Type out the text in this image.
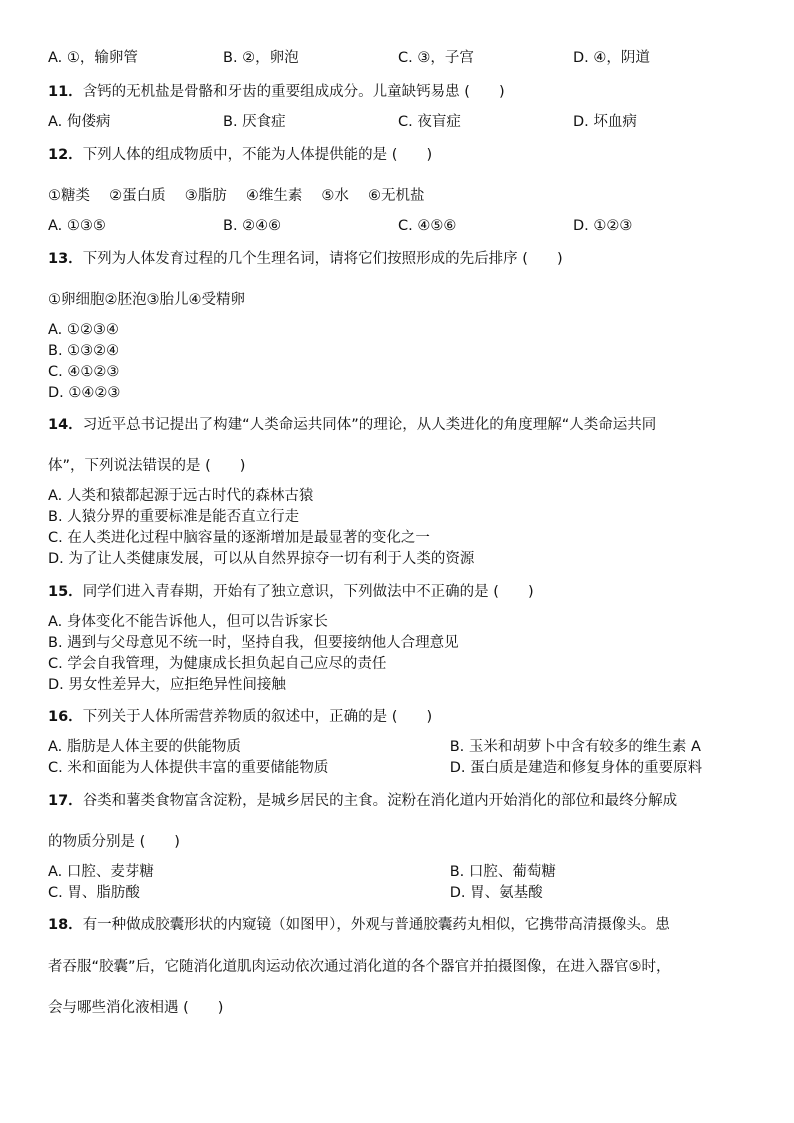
A. ①，输卵管	B. ②，卵泡	C. ③，子宫	D. ④，阴道
11．含钙的无机盐是骨骼和牙齿的重要组成成分。儿童缺钙易患 (　　)
A. 佝偻病	B. 厌食症	C. 夜盲症	D. 坏血病
12．下列人体的组成物质中，不能为人体提供能的是 (　　)
①糖类　 ②蛋白质　 ③脂肪　 ④维生素　 ⑤水　 ⑥无机盐
A. ①③⑤	B. ②④⑥	C. ④⑤⑥	D. ①②③
13．下列为人体发育过程的几个生理名词，请将它们按照形成的先后排序 (　　)
①卵细胞②胚泡③胎儿④受精卵
A. ①②③④
B. ①③②④
C. ④①②③
D. ①④②③
14．习近平总书记提出了构建“人类命运共同体”的理论，从人类进化的角度理解“人类命运共同
体”，下列说法错误的是 (　　)
A. 人类和猿都起源于远古时代的森林古猿
B. 人猿分界的重要标准是能否直立行走
C. 在人类进化过程中脑容量的逐渐增加是最显著的变化之一
D. 为了让人类健康发展，可以从自然界掠夺一切有利于人类的资源
15．同学们进入青春期，开始有了独立意识，下列做法中不正确的是 (　　)
A. 身体变化不能告诉他人，但可以告诉家长
B. 遇到与父母意见不统一时，坚持自我，但要接纳他人合理意见
C. 学会自我管理，为健康成长担负起自己应尽的责任
D. 男女性差异大，应拒绝异性间接触
16．下列关于人体所需营养物质的叙述中，正确的是 (　　)
A. 脂肪是人体主要的供能物质	B. 玉米和胡萝卜中含有较多的维生素 A
C. 米和面能为人体提供丰富的重要储能物质	D. 蛋白质是建造和修复身体的重要原料
17．谷类和薯类食物富含淀粉，是城乡居民的主食。淀粉在消化道内开始消化的部位和最终分解成
的物质分别是 (　　)
A. 口腔、麦芽糖	B. 口腔、葡萄糖
C. 胃、脂肪酸	D. 胃、氨基酸
18．有一种做成胶囊形状的内窥镜（如图甲），外观与普通胶囊药丸相似，它携带高清摄像头。患
者吞服“胶囊”后，它随消化道肌肉运动依次通过消化道的各个器官并拍摄图像，在进入器官⑤时，
会与哪些消化液相遇 (　　)
